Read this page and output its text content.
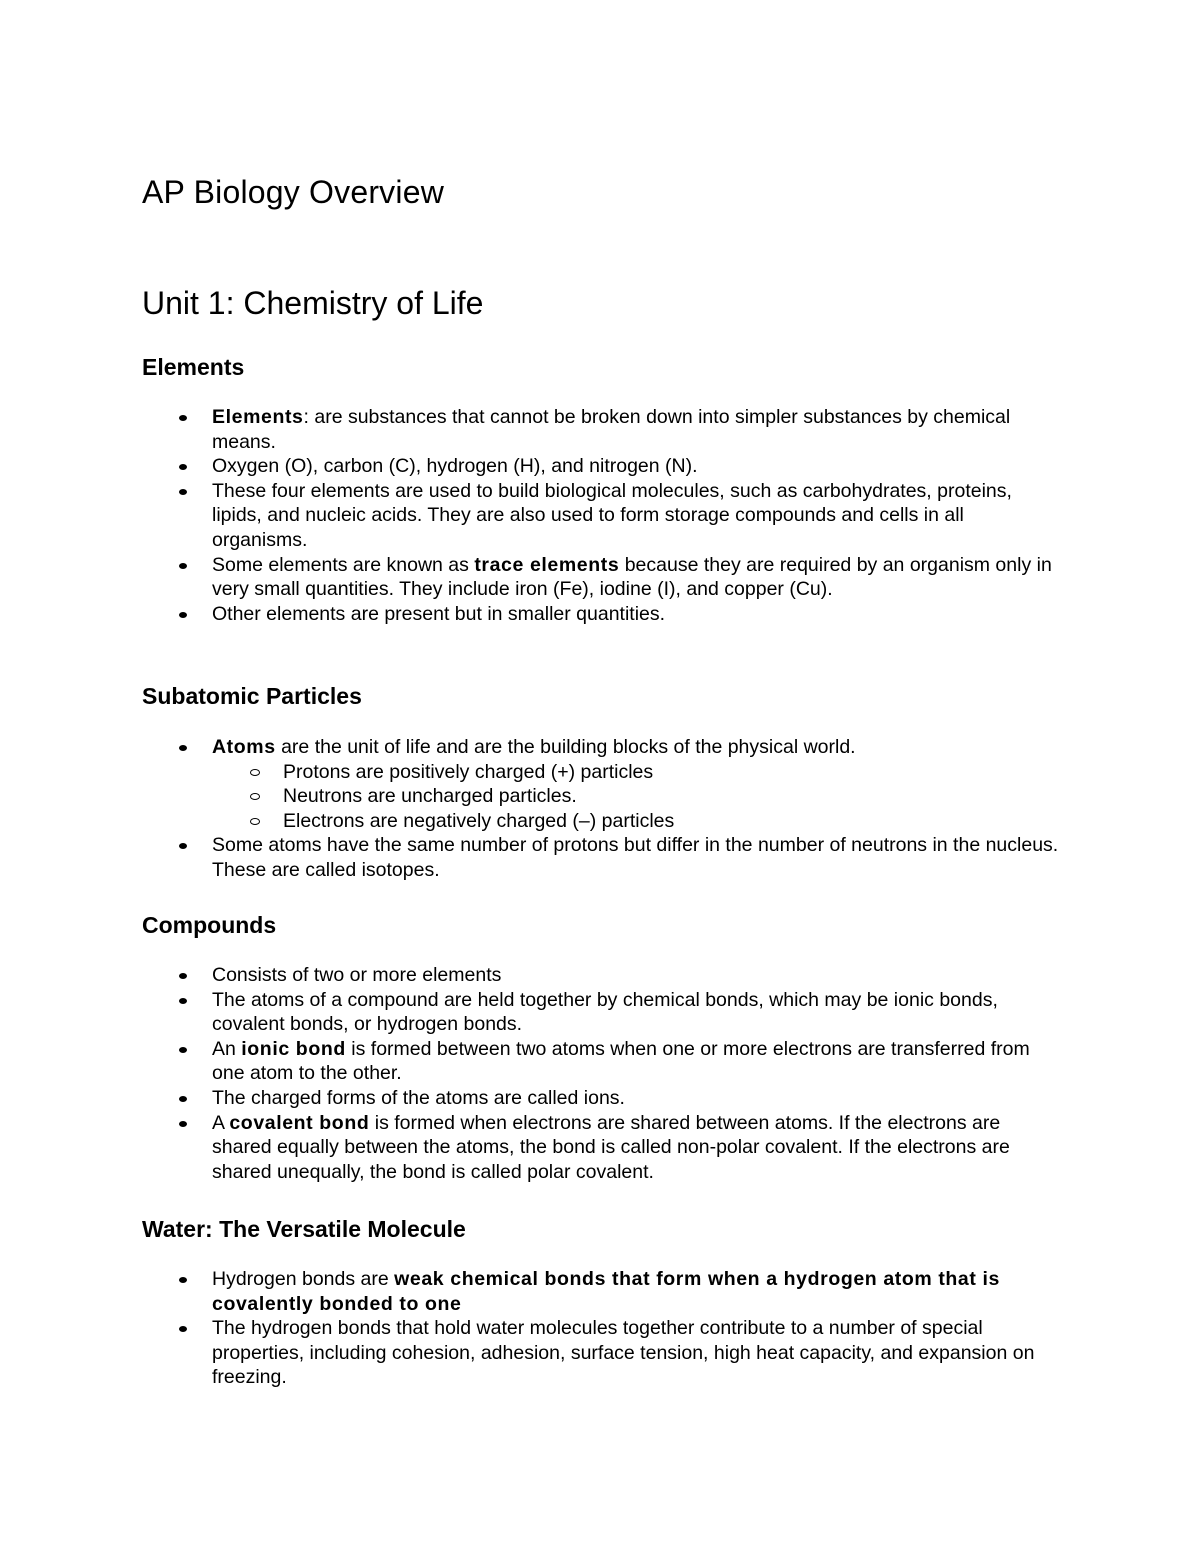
AP Biology Overview
Unit 1: Chemistry of Life
Elements
Elements: are substances that cannot be broken down into simpler substances by chemical means.
Oxygen (O), carbon (C), hydrogen (H), and nitrogen (N).
These four elements are used to build biological molecules, such as carbohydrates, proteins, lipids, and nucleic acids. They are also used to form storage compounds and cells in all organisms.
Some elements are known as trace elements because they are required by an organism only in very small quantities. They include iron (Fe), iodine (I), and copper (Cu).
Other elements are present but in smaller quantities.
Subatomic Particles
Atoms are the unit of life and are the building blocks of the physical world.
Protons are positively charged (+) particles
Neutrons are uncharged particles.
Electrons are negatively charged (–) particles
Some atoms have the same number of protons but differ in the number of neutrons in the nucleus. These are called isotopes.
Compounds
Consists of two or more elements
The atoms of a compound are held together by chemical bonds, which may be ionic bonds, covalent bonds, or hydrogen bonds.
An ionic bond is formed between two atoms when one or more electrons are transferred from one atom to the other.
The charged forms of the atoms are called ions.
A covalent bond is formed when electrons are shared between atoms. If the electrons are shared equally between the atoms, the bond is called non-polar covalent. If the electrons are shared unequally, the bond is called polar covalent.
Water: The Versatile Molecule
Hydrogen bonds are weak chemical bonds that form when a hydrogen atom that is covalently bonded to one
The hydrogen bonds that hold water molecules together contribute to a number of special properties, including cohesion, adhesion, surface tension, high heat capacity, and expansion on freezing.
